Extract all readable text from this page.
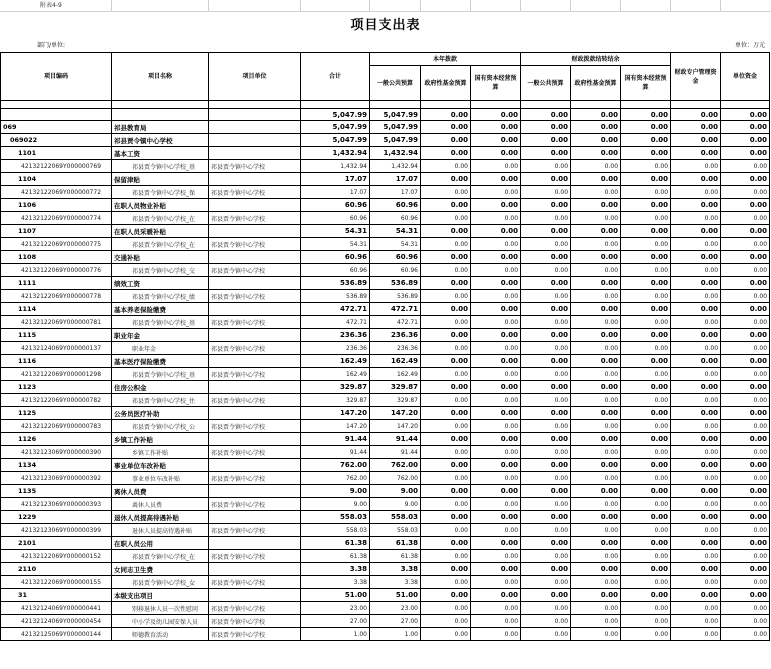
附表4-9
项目支出表
部门/单位:	单位：万元
项目编码	项目名称	项目单位	合计	本年拨款			财政拨款结转结余			财政专户管理资金	单位资金	
				一般公共预算	政府性基金预算	国有资本经营预算	一般公共预算	政府性基金预算	国有资本经营预算			

			5,047.99	5,047.99	0.00	0.00	0.00	0.00	0.00	0.00	0.00	
069	祁县教育局		5,047.99	5,047.99	0.00	0.00	0.00	0.00	0.00	0.00	0.00	
069022	祁县贾令镇中心学校		5,047.99	5,047.99	0.00	0.00	0.00	0.00	0.00	0.00	0.00	
1101	基本工资		1,432.94	1,432.94	0.00	0.00	0.00	0.00	0.00	0.00	0.00	
42132122069Y000000769	祁县贾令镇中心学校_基	祁县贾令镇中心学校	1,432.94	1,432.94	0.00	0.00	0.00	0.00	0.00	0.00	0.00	
1104	保留津贴		17.07	17.07	0.00	0.00	0.00	0.00	0.00	0.00	0.00	
42132122069Y000000772	祁县贾令镇中心学校_保	祁县贾令镇中心学校	17.07	17.07	0.00	0.00	0.00	0.00	0.00	0.00	0.00	
1106	在职人员物业补贴		60.96	60.96	0.00	0.00	0.00	0.00	0.00	0.00	0.00	
42132122069Y000000774	祁县贾令镇中心学校_在	祁县贾令镇中心学校	60.96	60.96	0.00	0.00	0.00	0.00	0.00	0.00	0.00	
1107	在职人员采暖补贴		54.31	54.31	0.00	0.00	0.00	0.00	0.00	0.00	0.00	
42132122069Y000000775	祁县贾令镇中心学校_在	祁县贾令镇中心学校	54.31	54.31	0.00	0.00	0.00	0.00	0.00	0.00	0.00	
1108	交通补贴		60.96	60.96	0.00	0.00	0.00	0.00	0.00	0.00	0.00	
42132122069Y000000776	祁县贾令镇中心学校_交	祁县贾令镇中心学校	60.96	60.96	0.00	0.00	0.00	0.00	0.00	0.00	0.00	
1111	绩效工资		536.89	536.89	0.00	0.00	0.00	0.00	0.00	0.00	0.00	
42132122069Y000000778	祁县贾令镇中心学校_绩	祁县贾令镇中心学校	536.89	536.89	0.00	0.00	0.00	0.00	0.00	0.00	0.00	
1114	基本养老保险缴费		472.71	472.71	0.00	0.00	0.00	0.00	0.00	0.00	0.00	
42132122069Y000000781	祁县贾令镇中心学校_基	祁县贾令镇中心学校	472.71	472.71	0.00	0.00	0.00	0.00	0.00	0.00	0.00	
1115	职业年金		236.36	236.36	0.00	0.00	0.00	0.00	0.00	0.00	0.00	
42132124069Y000000137	职业年金	祁县贾令镇中心学校	236.36	236.36	0.00	0.00	0.00	0.00	0.00	0.00	0.00	
1116	基本医疗保险缴费		162.49	162.49	0.00	0.00	0.00	0.00	0.00	0.00	0.00	
42132122069Y000001298	祁县贾令镇中心学校_基	祁县贾令镇中心学校	162.49	162.49	0.00	0.00	0.00	0.00	0.00	0.00	0.00	
1123	住房公积金		329.87	329.87	0.00	0.00	0.00	0.00	0.00	0.00	0.00	
42132122069Y000000782	祁县贾令镇中心学校_住	祁县贾令镇中心学校	329.87	329.87	0.00	0.00	0.00	0.00	0.00	0.00	0.00	
1125	公务员医疗补助		147.20	147.20	0.00	0.00	0.00	0.00	0.00	0.00	0.00	
42132122069Y000000783	祁县贾令镇中心学校_公	祁县贾令镇中心学校	147.20	147.20	0.00	0.00	0.00	0.00	0.00	0.00	0.00	
1126	乡镇工作补贴		91.44	91.44	0.00	0.00	0.00	0.00	0.00	0.00	0.00	
42132123069Y000000390	乡镇工作补贴	祁县贾令镇中心学校	91.44	91.44	0.00	0.00	0.00	0.00	0.00	0.00	0.00	
1134	事业单位车改补贴		762.00	762.00	0.00	0.00	0.00	0.00	0.00	0.00	0.00	
42132123069Y000000392	事业单位车改补贴	祁县贾令镇中心学校	762.00	762.00	0.00	0.00	0.00	0.00	0.00	0.00	0.00	
1135	离休人员费		9.00	9.00	0.00	0.00	0.00	0.00	0.00	0.00	0.00	
42132123069Y000000393	离休人员费	祁县贾令镇中心学校	9.00	9.00	0.00	0.00	0.00	0.00	0.00	0.00	0.00	
1229	退休人员提高待遇补贴		558.03	558.03	0.00	0.00	0.00	0.00	0.00	0.00	0.00	
42132123069Y000000399	退休人员提高待遇补贴	祁县贾令镇中心学校	558.03	558.03	0.00	0.00	0.00	0.00	0.00	0.00	0.00	
2101	在职人员公用		61.38	61.38	0.00	0.00	0.00	0.00	0.00	0.00	0.00	
42132122069Y000000152	祁县贾令镇中心学校_在	祁县贾令镇中心学校	61.38	61.38	0.00	0.00	0.00	0.00	0.00	0.00	0.00	
2110	女同志卫生费		3.38	3.38	0.00	0.00	0.00	0.00	0.00	0.00	0.00	
42132122069Y000000155	祁县贾令镇中心学校_女	祁县贾令镇中心学校	3.38	3.38	0.00	0.00	0.00	0.00	0.00	0.00	0.00	
31	本级支出项目		51.00	51.00	0.00	0.00	0.00	0.00	0.00	0.00	0.00	
42132124069Y000000441	别移退休人员一次性慰问	祁县贾令镇中心学校	23.00	23.00	0.00	0.00	0.00	0.00	0.00	0.00	0.00	
42132124069Y000000454	中小学及幼儿园安保人员	祁县贾令镇中心学校	27.00	27.00	0.00	0.00	0.00	0.00	0.00	0.00	0.00	
42132125069Y000000144	师德教育活动	祁县贾令镇中心学校	1.00	1.00	0.00	0.00	0.00	0.00	0.00	0.00	0.00	
